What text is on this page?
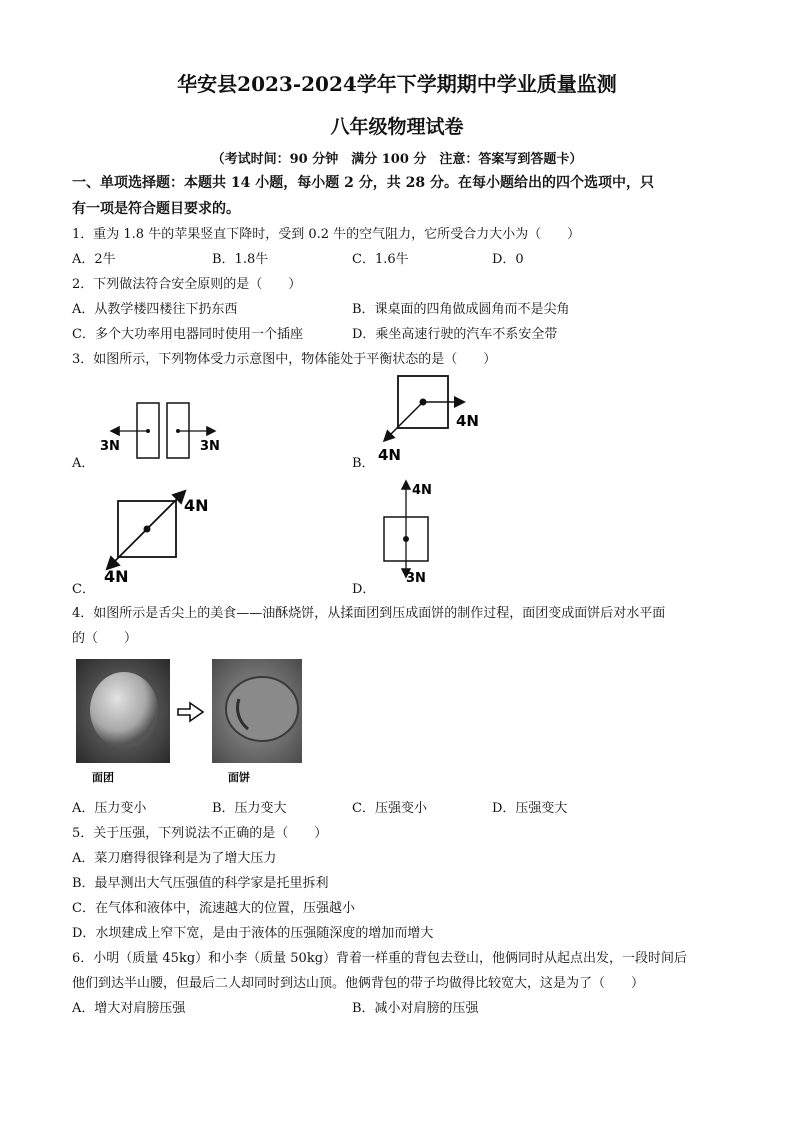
华安县2023-2024学年下学期期中学业质量监测
八年级物理试卷
（考试时间：90 分钟　满分 100 分　注意：答案写到答题卡）
一、单项选择题：本题共 14 小题，每小题 2 分，共 28 分。在每小题给出的四个选项中，只
有一项是符合题目要求的。
1．重为 1.8 牛的苹果竖直下降时，受到 0.2 牛的空气阻力，它所受合力大小为（　　）
A．2牛	B．1.8牛	C．1.6牛	D．0
2．下列做法符合安全原则的是（　　）
A．从教学楼四楼往下扔东西	B．课桌面的四角做成圆角而不是尖角
C．多个大功率用电器同时使用一个插座	D．乘坐高速行驶的汽车不系安全带
3．如图所示，下列物体受力示意图中，物体能处于平衡状态的是（　　）
A．
3N	3N
B．
4N
4N
C．
4N
4N
D．
4N
3N
4．如图所示是舌尖上的美食——油酥烧饼，从揉面团到压成面饼的制作过程，面团变成面饼后对水平面
的（　　）
面团	面饼
A．压力变小	B．压力变大	C．压强变小	D．压强变大
5．关于压强，下列说法不正确的是（　　）
A．菜刀磨得很锋利是为了增大压力
B．最早测出大气压强值的科学家是托里拆利
C．在气体和液体中，流速越大的位置，压强越小
D．水坝建成上窄下宽，是由于液体的压强随深度的增加而增大
6．小明（质量 45kg）和小李（质量 50kg）背着一样重的背包去登山，他俩同时从起点出发，一段时间后
他们到达半山腰，但最后二人却同时到达山顶。他俩背包的带子均做得比较宽大，这是为了（　　）
A．增大对肩膀压强	B．减小对肩膀的压强
